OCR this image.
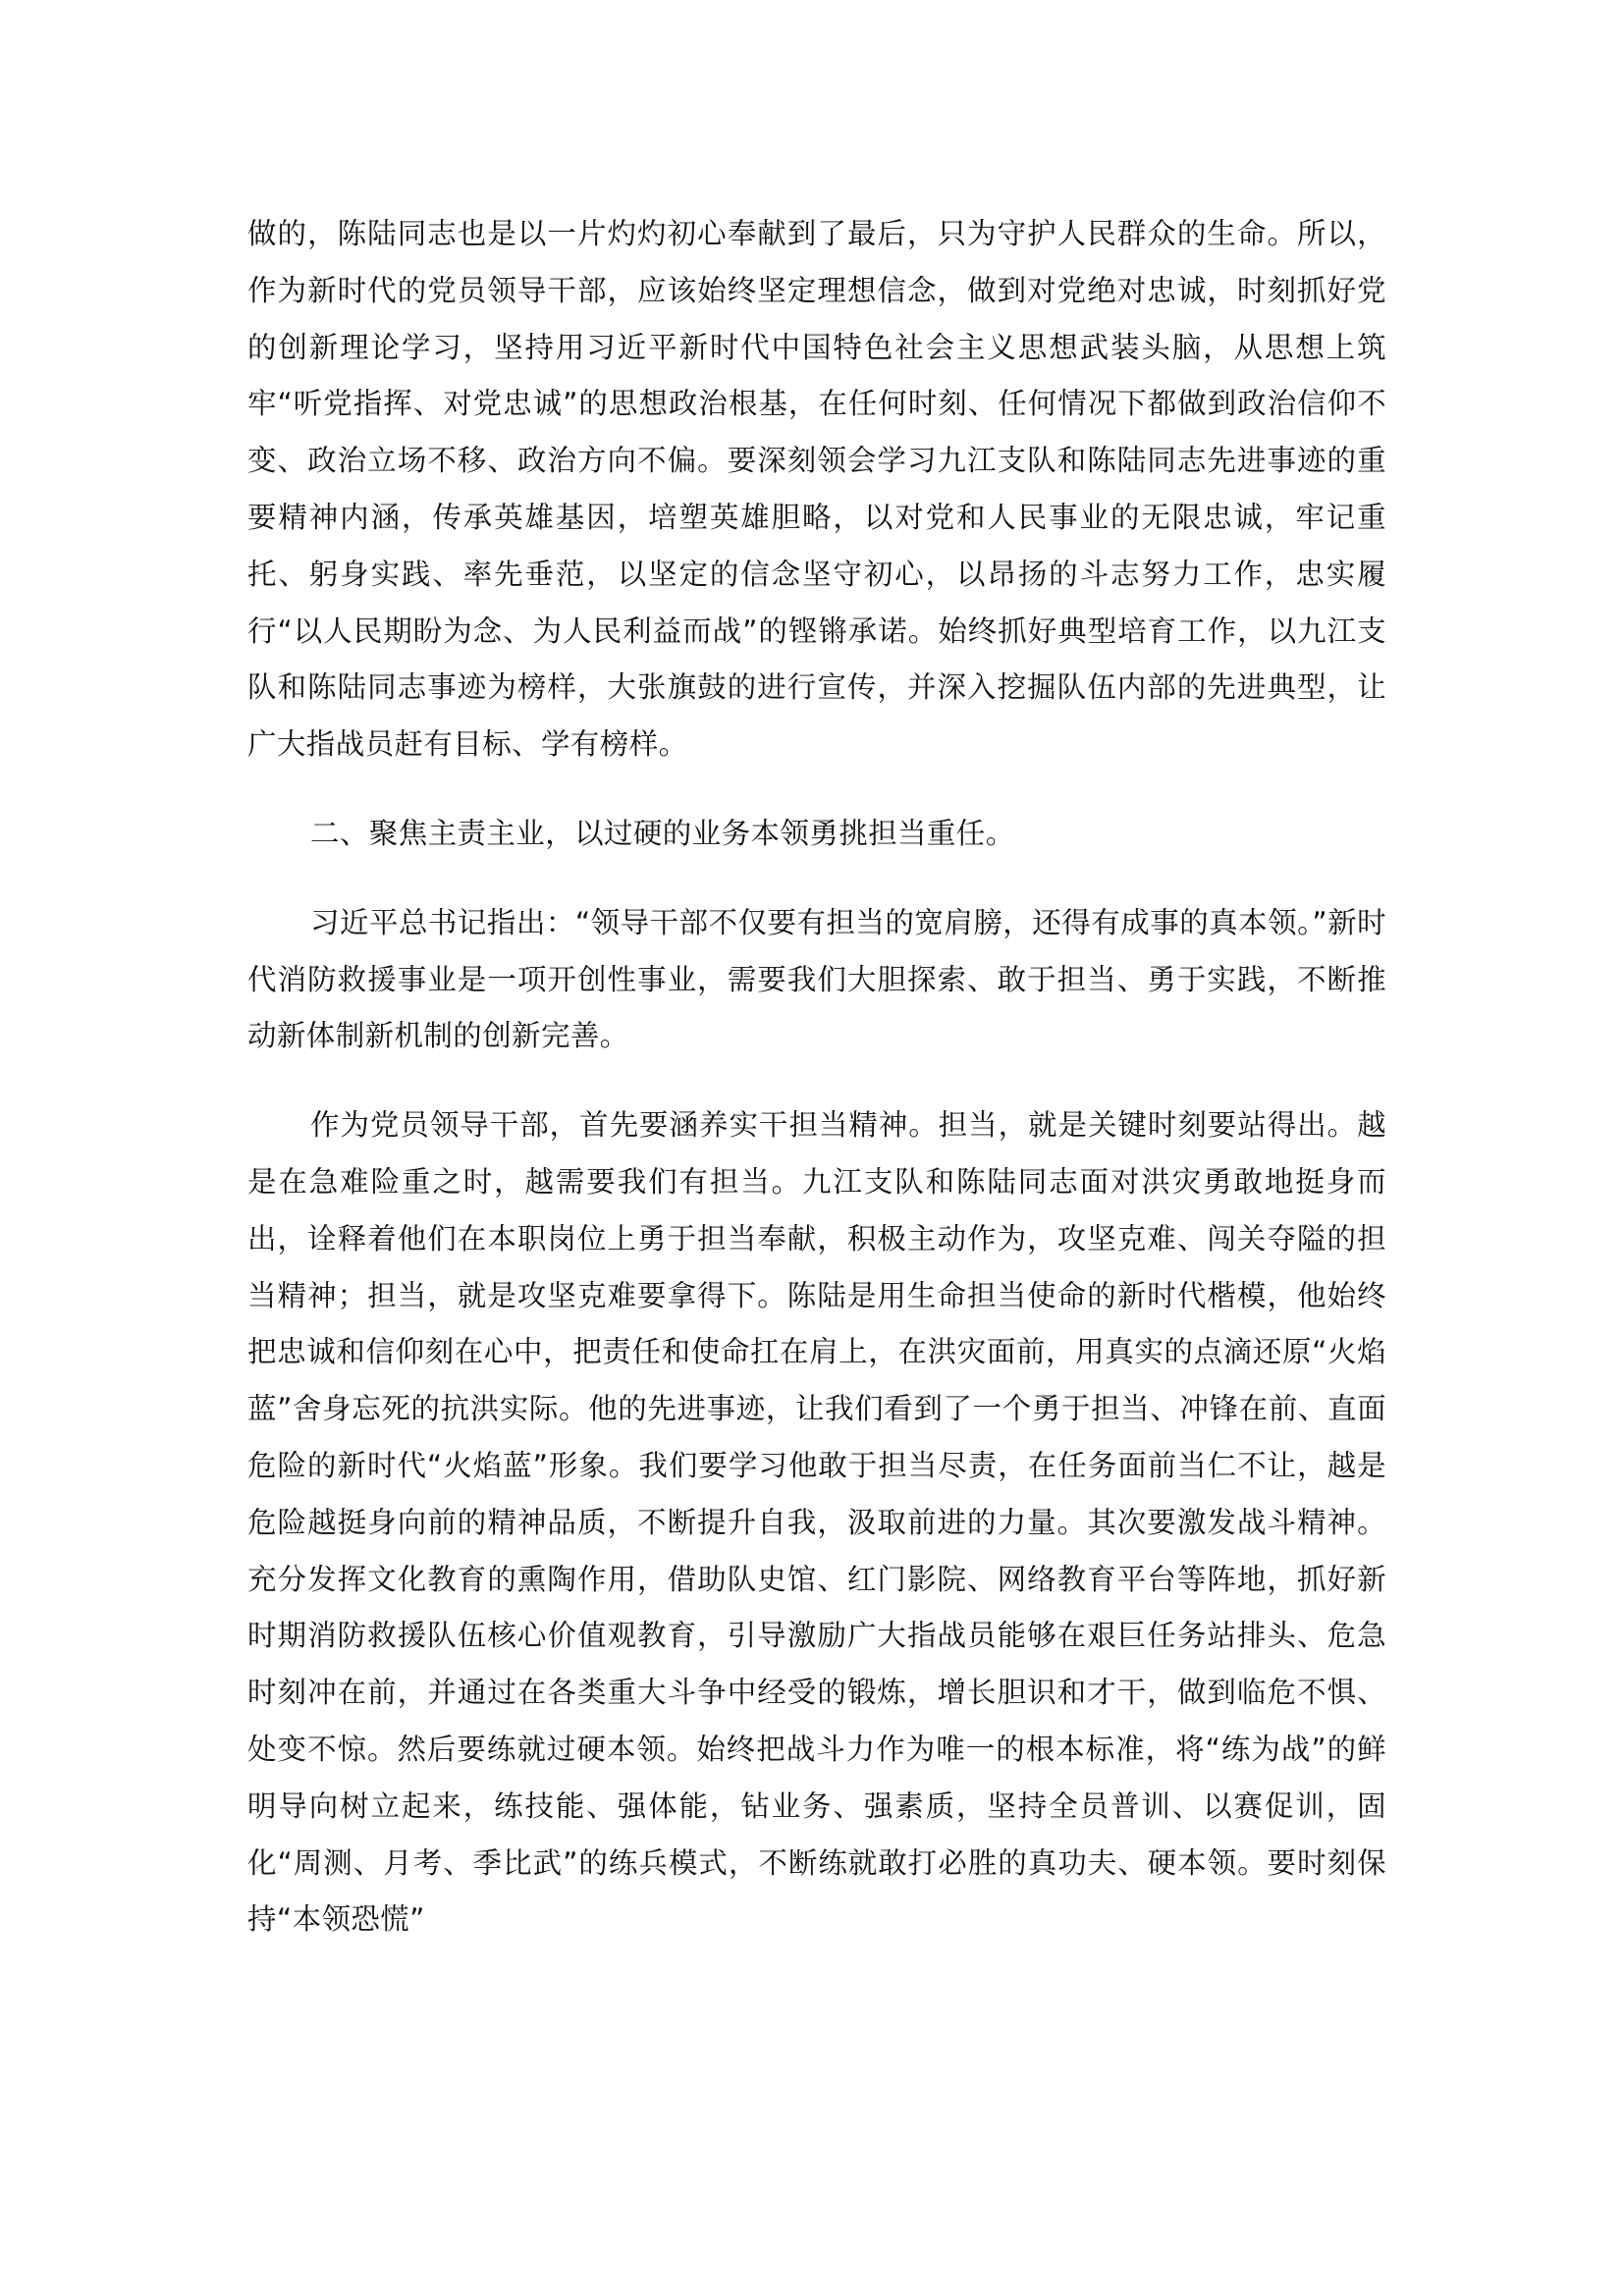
做的，陈陆同志也是以一片灼灼初心奉献到了最后，只为守护人民群众的生命。所以，作为新时代的党员领导干部，应该始终坚定理想信念，做到对党绝对忠诚，时刻抓好党的创新理论学习，坚持用习近平新时代中国特色社会主义思想武装头脑，从思想上筑牢“听党指挥、对党忠诚”的思想政治根基，在任何时刻、任何情况下都做到政治信仰不变、政治立场不移、政治方向不偏。要深刻领会学习九江支队和陈陆同志先进事迹的重要精神内涵，传承英雄基因，培塑英雄胆略，以对党和人民事业的无限忠诚，牢记重托、躬身实践、率先垂范，以坚定的信念坚守初心，以昂扬的斗志努力工作，忠实履行“以人民期盼为念、为人民利益而战”的铿锵承诺。始终抓好典型培育工作，以九江支队和陈陆同志事迹为榜样，大张旗鼓的进行宣传，并深入挖掘队伍内部的先进典型，让广大指战员赶有目标、学有榜样。

二、聚焦主责主业，以过硬的业务本领勇挑担当重任。

习近平总书记指出：“领导干部不仅要有担当的宽肩膀，还得有成事的真本领。”新时代消防救援事业是一项开创性事业，需要我们大胆探索、敢于担当、勇于实践，不断推动新体制新机制的创新完善。

作为党员领导干部，首先要涵养实干担当精神。担当，就是关键时刻要站得出。越是在急难险重之时，越需要我们有担当。九江支队和陈陆同志面对洪灾勇敢地挺身而出，诠释着他们在本职岗位上勇于担当奉献，积极主动作为，攻坚克难、闯关夺隘的担当精神；担当，就是攻坚克难要拿得下。陈陆是用生命担当使命的新时代楷模，他始终把忠诚和信仰刻在心中，把责任和使命扛在肩上，在洪灾面前，用真实的点滴还原“火焰蓝”舍身忘死的抗洪实际。他的先进事迹，让我们看到了一个勇于担当、冲锋在前、直面危险的新时代“火焰蓝”形象。我们要学习他敢于担当尽责，在任务面前当仁不让，越是危险越挺身向前的精神品质，不断提升自我，汲取前进的力量。其次要激发战斗精神。充分发挥文化教育的熏陶作用，借助队史馆、红门影院、网络教育平台等阵地，抓好新时期消防救援队伍核心价值观教育，引导激励广大指战员能够在艰巨任务站排头、危急时刻冲在前，并通过在各类重大斗争中经受的锻炼，增长胆识和才干，做到临危不惧、处变不惊。然后要练就过硬本领。始终把战斗力作为唯一的根本标准，将“练为战”的鲜明导向树立起来，练技能、强体能，钻业务、强素质，坚持全员普训、以赛促训，固化“周测、月考、季比武”的练兵模式，不断练就敢打必胜的真功夫、硬本领。要时刻保持“本领恐慌”
